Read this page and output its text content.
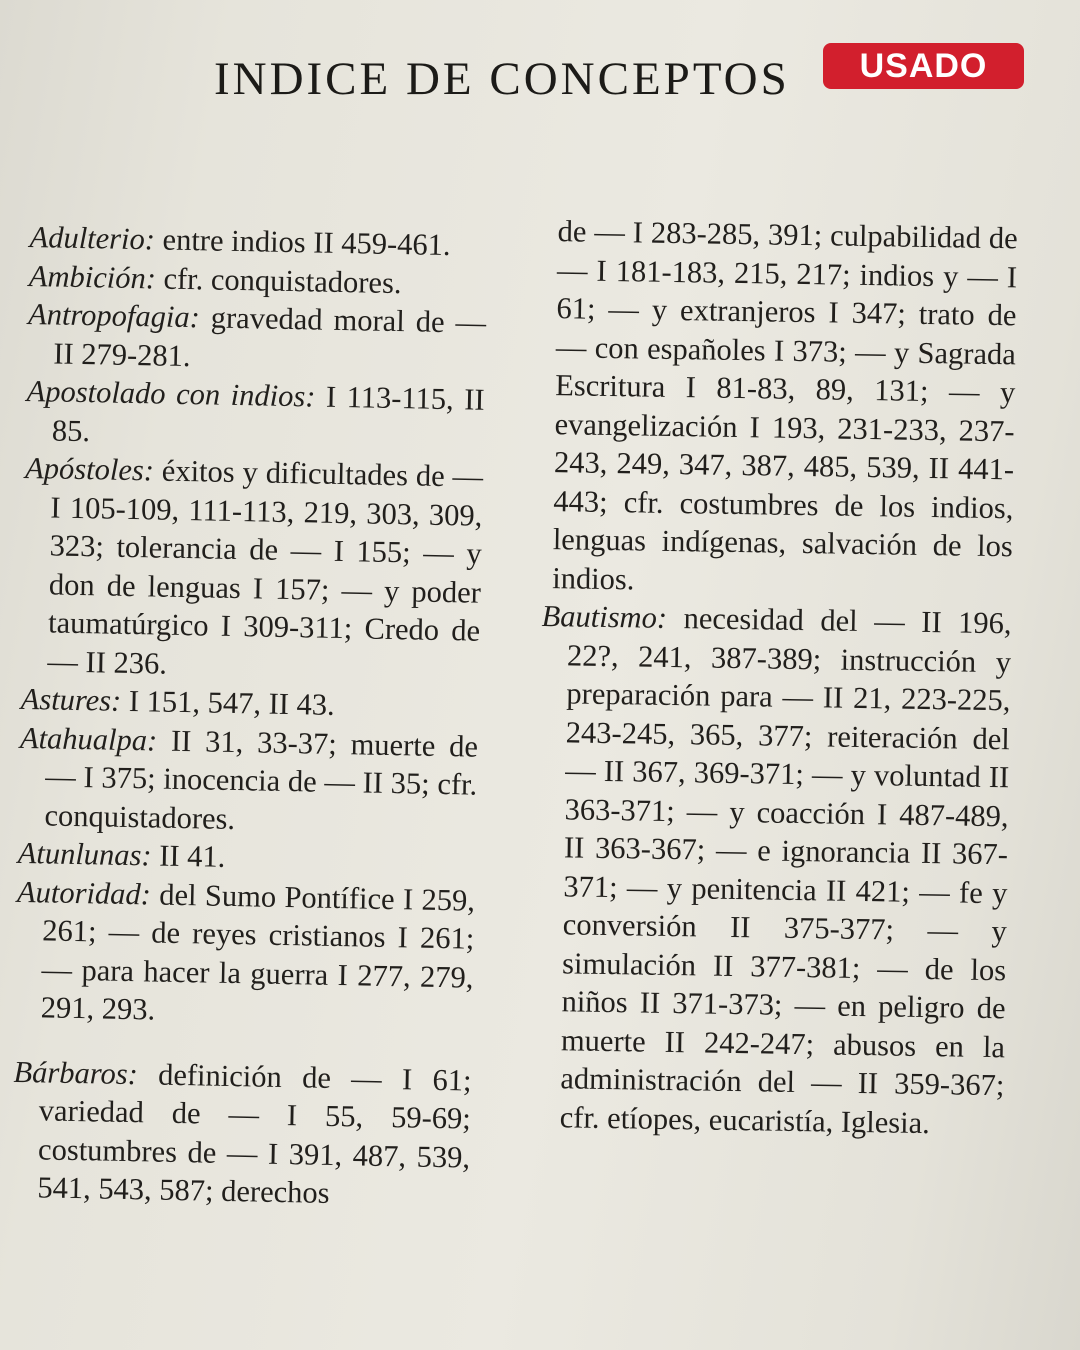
INDICE DE CONCEPTOS	USADO

Adulterio: entre indios II 459-461.

Ambición: cfr. conquistadores.

Antropofagia: gravedad moral de — II 279-281.

Apostolado con indios: I 113-115, II 85.

Apóstoles: éxitos y dificultades de — I 105-109, 111-113, 219, 303, 309, 323; tolerancia de — I 155; — y don de lenguas I 157; — y poder taumatúrgico I 309-311; Credo de — II 236.

Astures: I 151, 547, II 43.

Atahualpa: II 31, 33-37; muerte de — I 375; inocencia de — II 35; cfr. conquistadores.

Atunlunas: II 41.

Autoridad: del Sumo Pontífice I 259, 261; — de reyes cristianos I 261; — para hacer la guerra I 277, 279, 291, 293.

Bárbaros: definición de — I 61; variedad de — I 55, 59-69; costumbres de — I 391, 487, 539, 541, 543, 587; derechos

de — I 283-285, 391; culpabilidad de — I 181-183, 215, 217; indios y — I 61; — y extranjeros I 347; trato de — con españoles I 373; — y Sagrada Escritura I 81-83, 89, 131; — y evangelización I 193, 231-233, 237-243, 249, 347, 387, 485, 539, II 441-443; cfr. costumbres de los indios, lenguas indígenas, salvación de los indios.

Bautismo: necesidad del — II 196, 22?, 241, 387-389; instrucción y preparación para — II 21, 223-225, 243-245, 365, 377; reiteración del — II 367, 369-371; — y voluntad II 363-371; — y coacción I 487-489, II 363-367; — e ignorancia II 367-371; — y penitencia II 421; — fe y conversión II 375-377; — y simulación II 377-381; — de los niños II 371-373; — en peligro de muerte II 242-247; abusos en la administración del — II 359-367; cfr. etíopes, eucaristía, Iglesia.
